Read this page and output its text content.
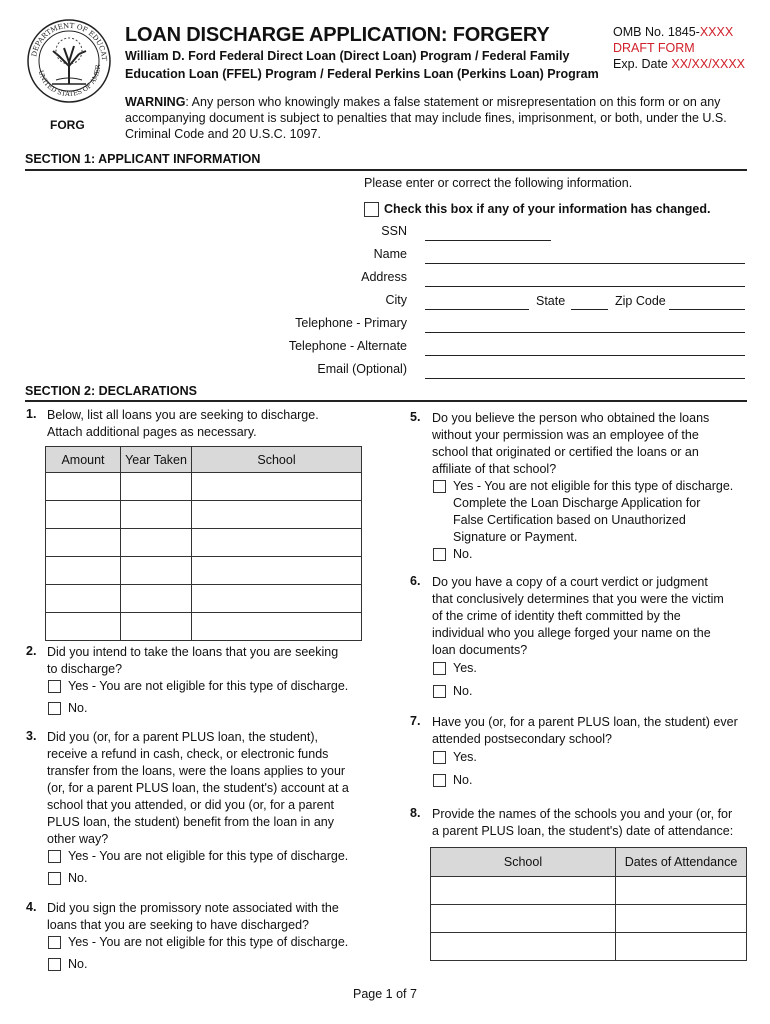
DEPARTMENT OF EDUCAT
UNITED STATES OF AMER
FORG
LOAN DISCHARGE APPLICATION: FORGERY
William D. Ford Federal Direct Loan (Direct Loan) Program / Federal Family
Education Loan (FFEL) Program / Federal Perkins Loan (Perkins Loan) Program
OMB No. 1845-XXXX
DRAFT FORM
Exp. Date XX/XX/XXXX
WARNING: Any person who knowingly makes a false statement or misrepresentation on this form or on any accompanying document is subject to penalties that may include fines, imprisonment, or both, under the U.S. Criminal Code and 20 U.S.C. 1097.
SECTION 1: APPLICANT INFORMATION
Please enter or correct the following information.
Check this box if any of your information has changed.
SSN
Name
Address
City	State	Zip Code
Telephone - Primary
Telephone - Alternate
Email (Optional)
SECTION 2: DECLARATIONS
1. Below, list all loans you are seeking to discharge.
Attach additional pages as necessary.
Amount	Year Taken	School

2. Did you intend to take the loans that you are seeking
to discharge?
Yes - You are not eligible for this type of discharge.
No.
3. Did you (or, for a parent PLUS loan, the student),
receive a refund in cash, check, or electronic funds
transfer from the loans, were the loans applies to your
(or, for a parent PLUS loan, the student's) account at a
school that you attended, or did you (or, for a parent
PLUS loan, the student) benefit from the loan in any
other way?
Yes - You are not eligible for this type of discharge.
No.
4. Did you sign the promissory note associated with the
loans that you are seeking to have discharged?
Yes - You are not eligible for this type of discharge.
No.
5. Do you believe the person who obtained the loans
without your permission was an employee of the
school that originated or certified the loans or an
affiliate of that school?
Yes - You are not eligible for this type of discharge.
Complete the Loan Discharge Application for
False Certification based on Unauthorized
Signature or Payment.
No.
6. Do you have a copy of a court verdict or judgment
that conclusively determines that you were the victim
of the crime of identity theft committed by the
individual who you allege forged your name on the
loan documents?
Yes.
No.
7. Have you (or, for a parent PLUS loan, the student) ever
attended postsecondary school?
Yes.
No.
8. Provide the names of the schools you and your (or, for
a parent PLUS loan, the student's) date of attendance:
School	Dates of Attendance

Page 1 of 7
